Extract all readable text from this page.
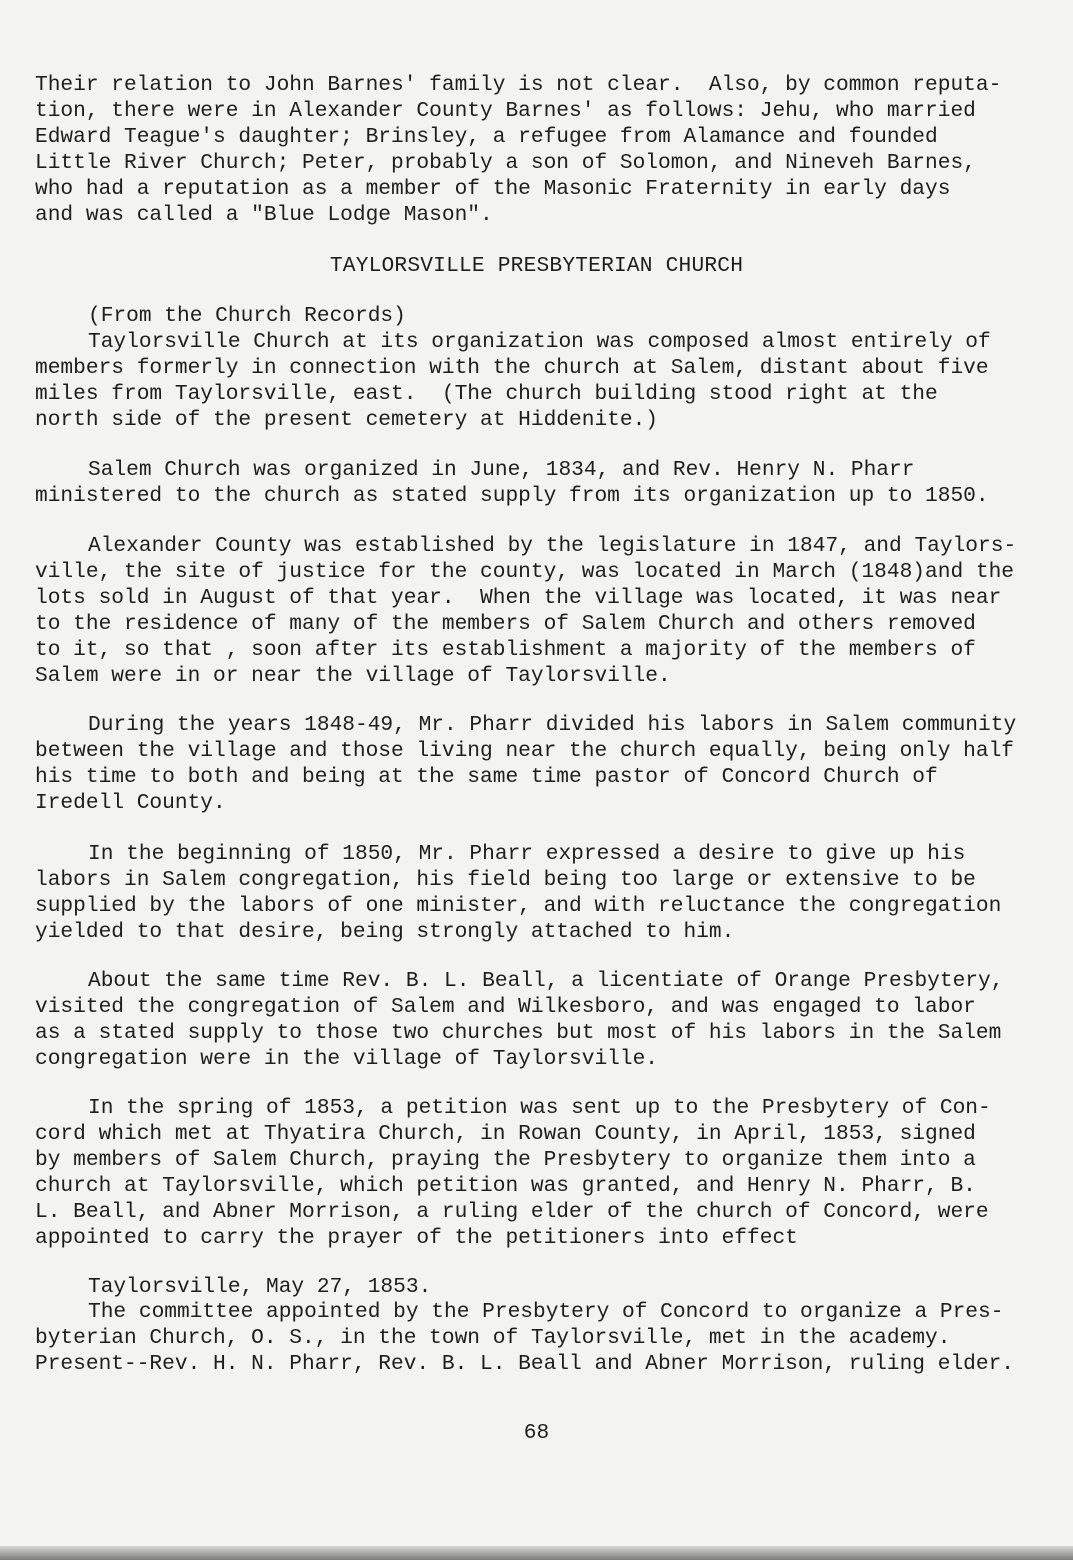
Their relation to John Barnes' family is not clear.  Also, by common reputa-
tion, there were in Alexander County Barnes' as follows: Jehu, who married
Edward Teague's daughter; Brinsley, a refugee from Alamance and founded
Little River Church; Peter, probably a son of Solomon, and Nineveh Barnes,
who had a reputation as a member of the Masonic Fraternity in early days
and was called a "Blue Lodge Mason".
TAYLORSVILLE PRESBYTERIAN CHURCH
(From the Church Records)
Taylorsville Church at its organization was composed almost entirely of
members formerly in connection with the church at Salem, distant about five
miles from Taylorsville, east.  (The church building stood right at the
north side of the present cemetery at Hiddenite.)
Salem Church was organized in June, 1834, and Rev. Henry N. Pharr
ministered to the church as stated supply from its organization up to 1850.
Alexander County was established by the legislature in 1847, and Taylors-
ville, the site of justice for the county, was located in March (1848)and the
lots sold in August of that year.  When the village was located, it was near
to the residence of many of the members of Salem Church and others removed
to it, so that , soon after its establishment a majority of the members of
Salem were in or near the village of Taylorsville.
During the years 1848-49, Mr. Pharr divided his labors in Salem community
between the village and those living near the church equally, being only half
his time to both and being at the same time pastor of Concord Church of
Iredell County.
In the beginning of 1850, Mr. Pharr expressed a desire to give up his
labors in Salem congregation, his field being too large or extensive to be
supplied by the labors of one minister, and with reluctance the congregation
yielded to that desire, being strongly attached to him.
About the same time Rev. B. L. Beall, a licentiate of Orange Presbytery,
visited the congregation of Salem and Wilkesboro, and was engaged to labor
as a stated supply to those two churches but most of his labors in the Salem
congregation were in the village of Taylorsville.
In the spring of 1853, a petition was sent up to the Presbytery of Con-
cord which met at Thyatira Church, in Rowan County, in April, 1853, signed
by members of Salem Church, praying the Presbytery to organize them into a
church at Taylorsville, which petition was granted, and Henry N. Pharr, B.
L. Beall, and Abner Morrison, a ruling elder of the church of Concord, were
appointed to carry the prayer of the petitioners into effect
Taylorsville, May 27, 1853.
The committee appointed by the Presbytery of Concord to organize a Pres-
byterian Church, O. S., in the town of Taylorsville, met in the academy.
Present--Rev. H. N. Pharr, Rev. B. L. Beall and Abner Morrison, ruling elder.
68
